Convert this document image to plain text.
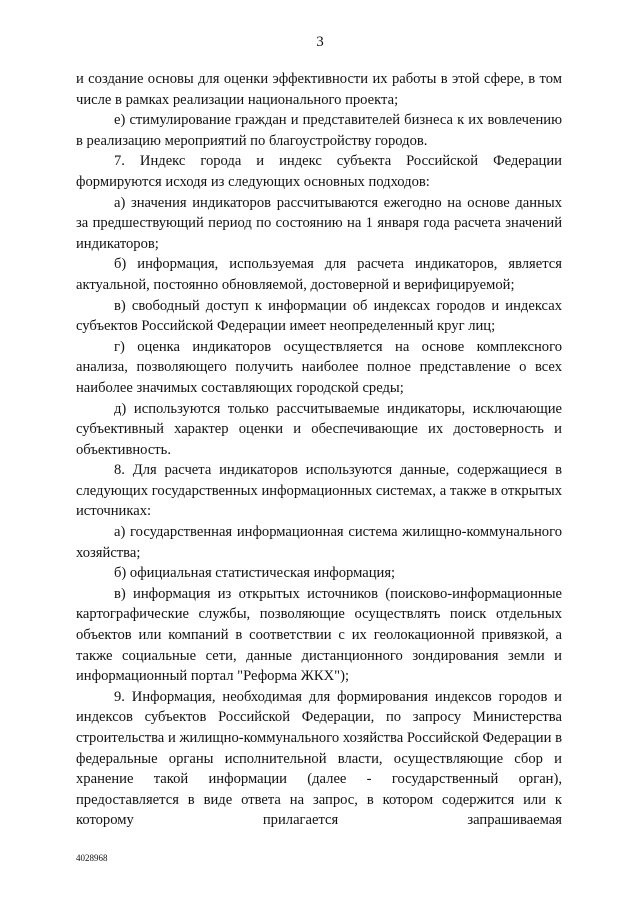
3

и создание основы для оценки эффективности их работы в этой сфере, в том числе в рамках реализации национального проекта;

е) стимулирование граждан и представителей бизнеса к их вовлечению в реализацию мероприятий по благоустройству городов.

7. Индекс города и индекс субъекта Российской Федерации формируются исходя из следующих основных подходов:

а) значения индикаторов рассчитываются ежегодно на основе данных за предшествующий период по состоянию на 1 января года расчета значений индикаторов;

б) информация, используемая для расчета индикаторов, является актуальной, постоянно обновляемой, достоверной и верифицируемой;

в) свободный доступ к информации об индексах городов и индексах субъектов Российской Федерации имеет неопределенный круг лиц;

г) оценка индикаторов осуществляется на основе комплексного анализа, позволяющего получить наиболее полное представление о всех наиболее значимых составляющих городской среды;

д) используются только рассчитываемые индикаторы, исключающие субъективный характер оценки и обеспечивающие их достоверность и объективность.

8. Для расчета индикаторов используются данные, содержащиеся в следующих государственных информационных системах, а также в открытых источниках:

а) государственная информационная система жилищно-коммунального хозяйства;

б) официальная статистическая информация;

в) информация из открытых источников (поисково-информационные картографические службы, позволяющие осуществлять поиск отдельных объектов или компаний в соответствии с их геолокационной привязкой, а также социальные сети, данные дистанционного зондирования земли и информационный портал "Реформа ЖКХ");

9. Информация, необходимая для формирования индексов городов и индексов субъектов Российской Федерации, по запросу Министерства строительства и жилищно-коммунального хозяйства Российской Федерации в федеральные органы исполнительной власти, осуществляющие сбор и хранение такой информации (далее - государственный орган), предоставляется в виде ответа на запрос, в котором содержится или к которому прилагается запрашиваемая

4028968
